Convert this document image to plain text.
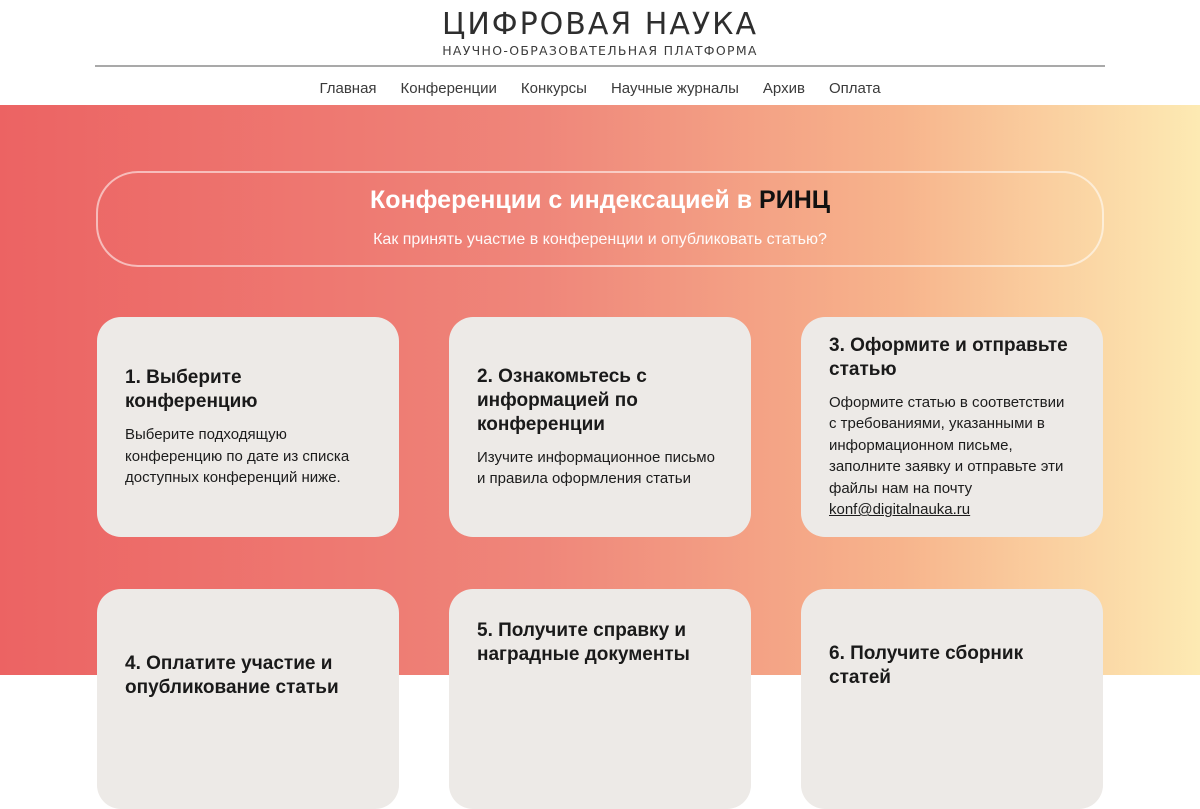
ЦИФРОВАЯ НАУКА
НАУЧНО-ОБРАЗОВАТЕЛЬНАЯ ПЛАТФОРМА
Главная Конференции Конкурсы Научные журналы Архив Оплата
Конференции с индексацией в РИНЦ

Как принять участие в конференции и опубликовать статью?

1. Выберите конференцию

Выберите подходящую конференцию по дате из списка доступных конференций ниже.

2. Ознакомьтесь с информацией по конференции

Изучите информационное письмо и правила оформления статьи

3. Оформите и отправьте статью

Оформите статью в соответствии с требованиями, указанными в информационном письме, заполните заявку и отправьте эти файлы нам на почту konf@digitalnauka.ru

4. Оплатите участие и опубликование статьи
5. Получите справку и наградные документы	6. Получите сборник статей
